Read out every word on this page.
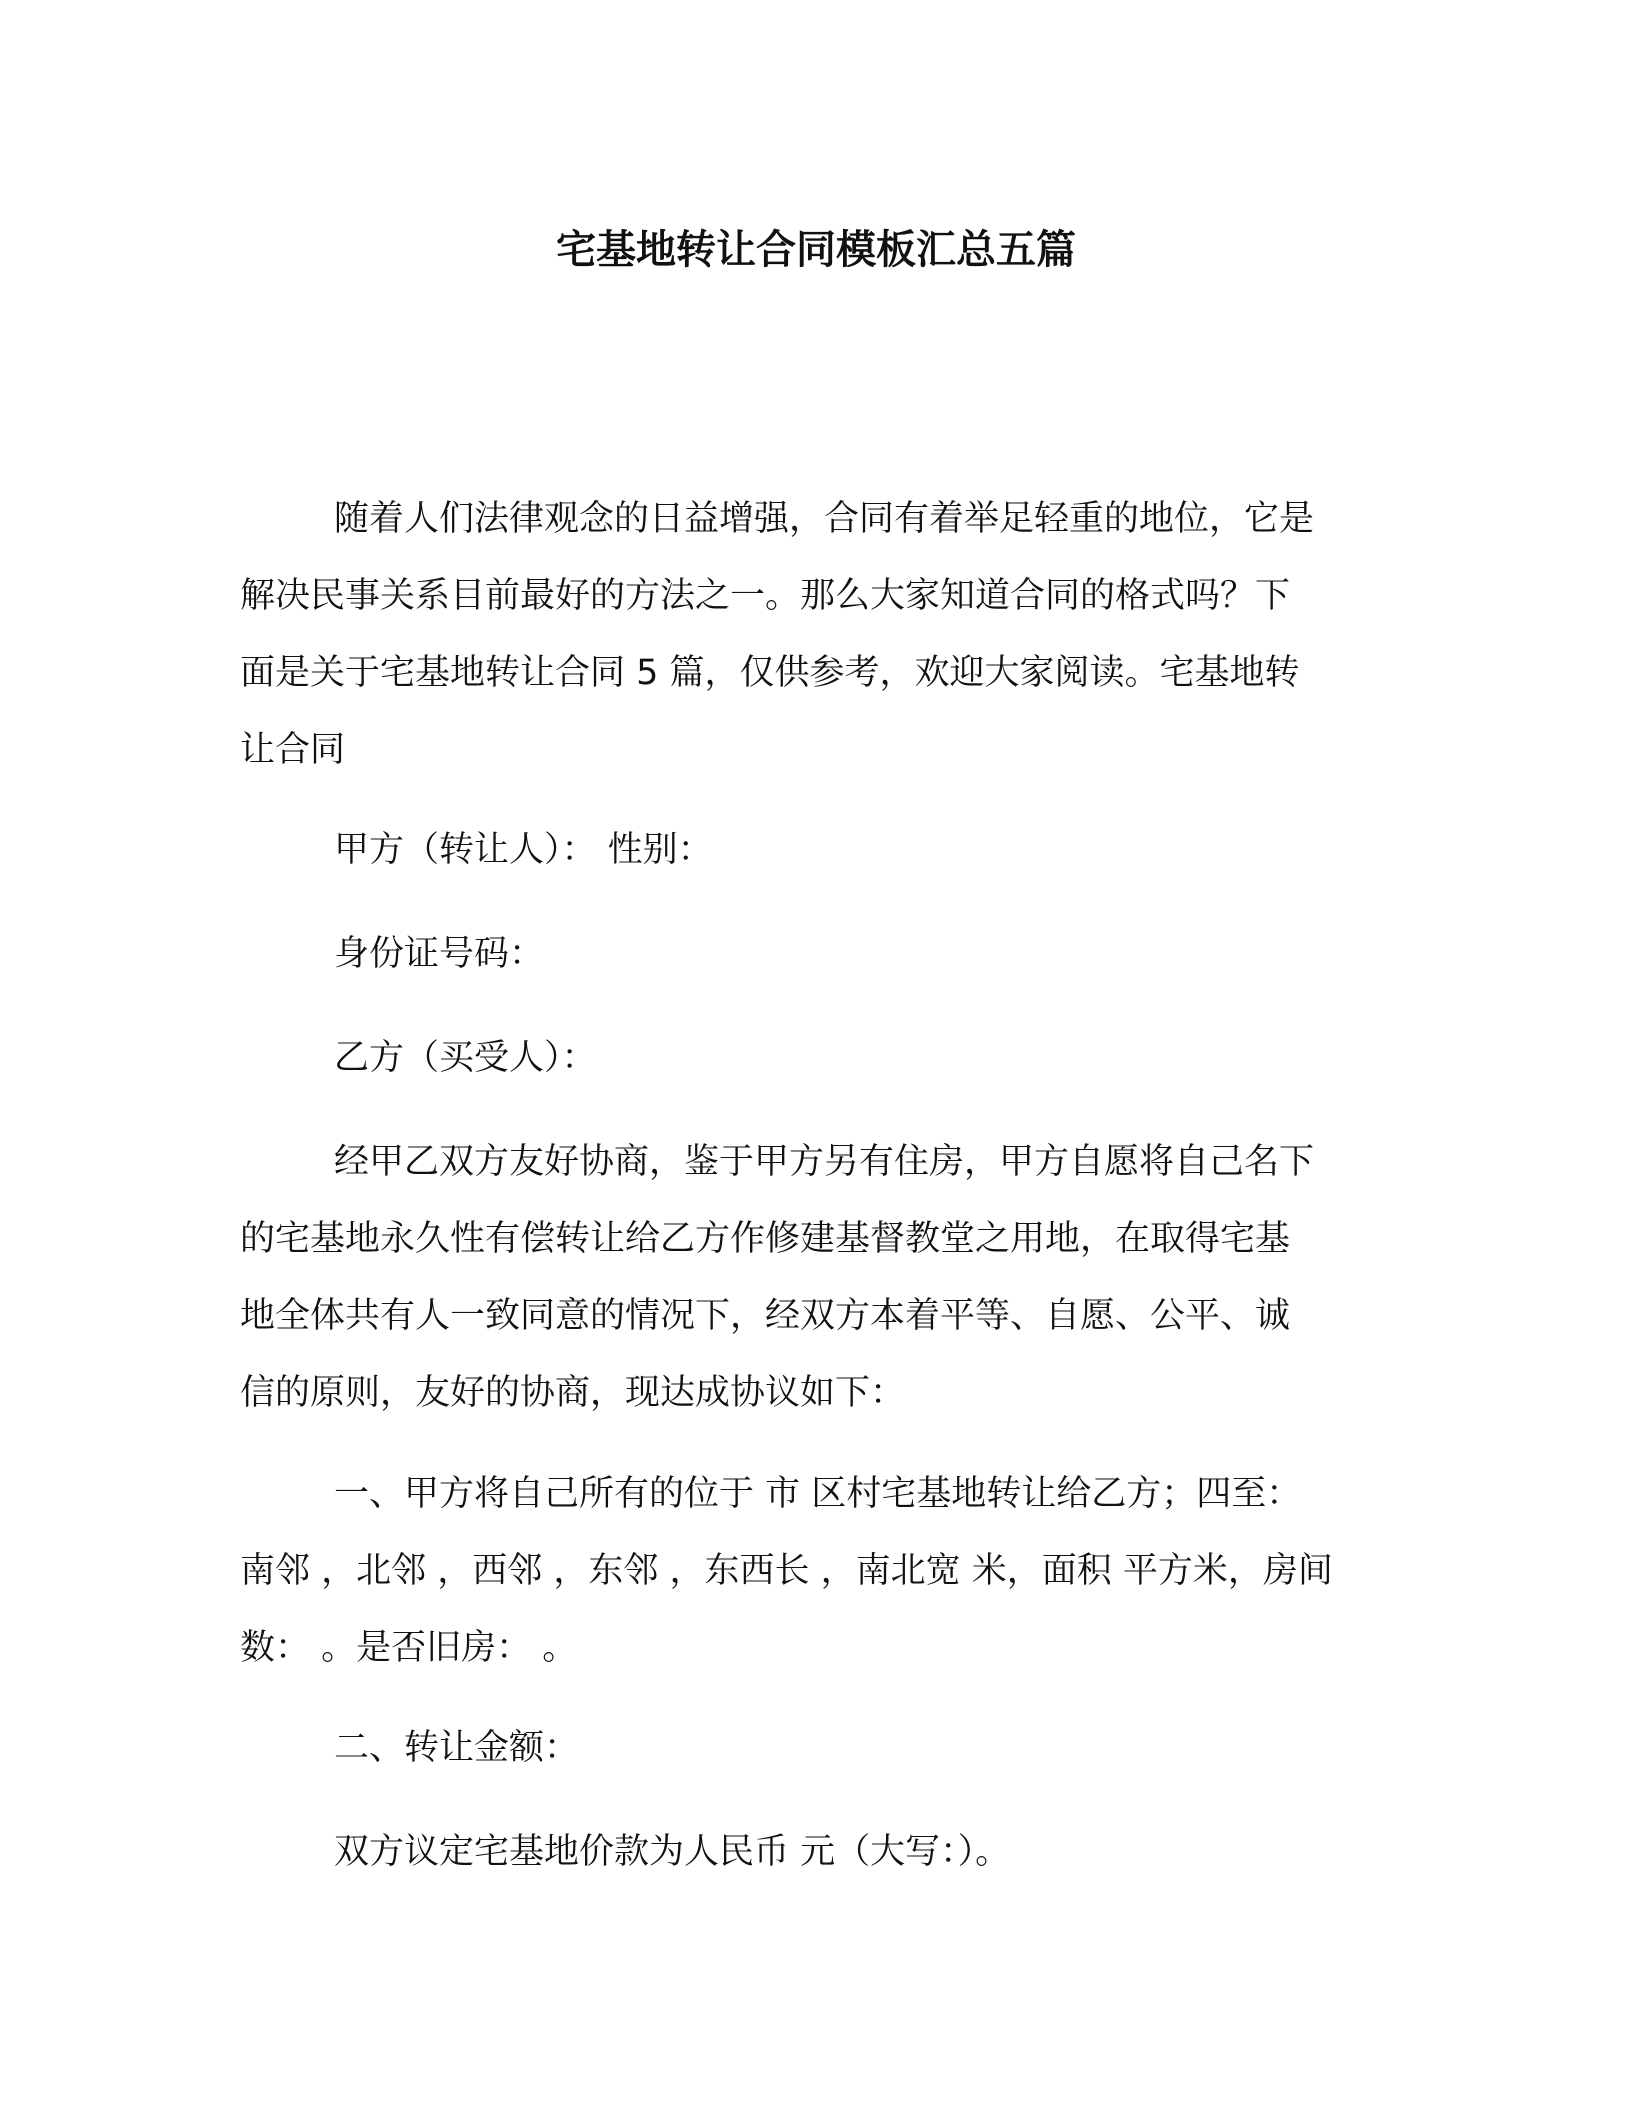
宅基地转让合同模板汇总五篇
随着人们法律观念的日益增强，合同有着举足轻重的地位，它是
解决民事关系目前最好的方法之一。那么大家知道合同的格式吗？下
面是关于宅基地转让合同 5 篇，仅供参考，欢迎大家阅读。宅基地转
让合同
甲方（转让人）： 性别：
身份证号码：
乙方（买受人）：
经甲乙双方友好协商，鉴于甲方另有住房，甲方自愿将自己名下
的宅基地永久性有偿转让给乙方作修建基督教堂之用地，在取得宅基
地全体共有人一致同意的情况下，经双方本着平等、自愿、公平、诚
信的原则，友好的协商，现达成协议如下：
一、甲方将自己所有的位于 市 区村宅基地转让给乙方；四至：
南邻 ，北邻 ，西邻 ，东邻 ，东西长 ，南北宽 米，面积 平方米，房间
数： 。是否旧房： 。
二、转让金额：
双方议定宅基地价款为人民币 元（大写：）。
